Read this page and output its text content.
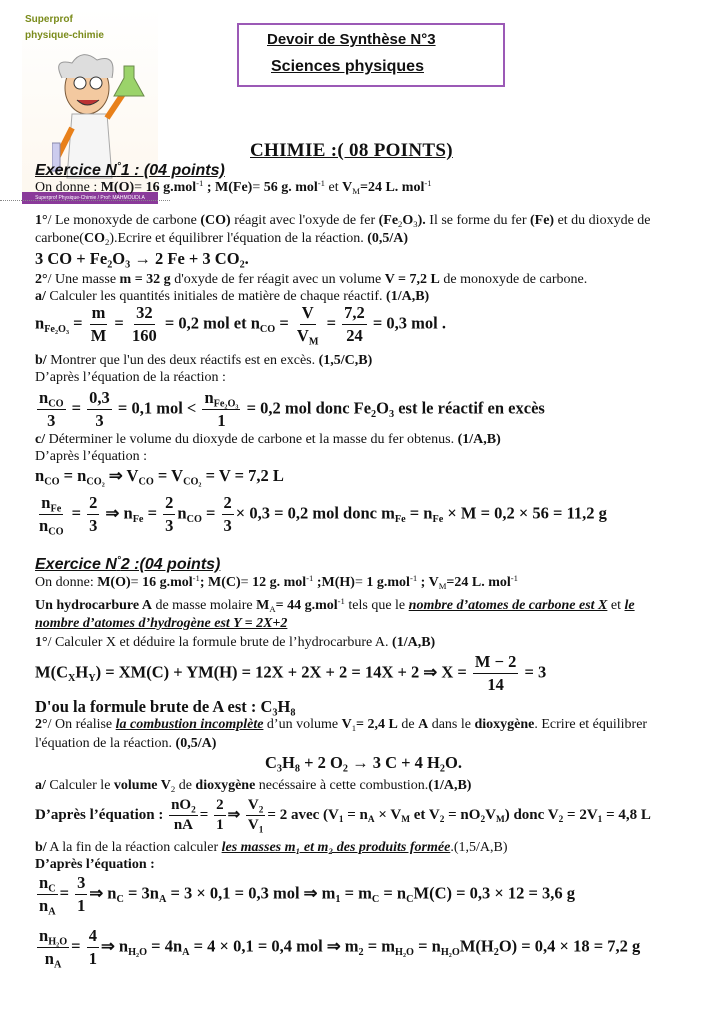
Superprof
physique-chimie
Superprof Physique-Chimie / Prof: MAHMOUDI.A
Devoir de Synthèse N°3
Sciences physiques
CHIMIE :( 08 POINTS)
Exercice N°1 : (04 points)
On donne : M(O)= 16 g.mol$^{-1}$ ; M(Fe)= 56 g. mol$^{-1}$ et $V_M=24$ L. mol$^{-1}$
1°/ Le monoxyde de carbone (CO) réagit avec l'oxyde de fer $(Fe_2O_3)$. Il se forme du fer (Fe) et du dioxyde de
$carbone(CO_2).Ecrire$ et équilibrer l'équation de la réaction. (0,5/A)
3 CO + $Fe_2O_3 \to 2$ Fe + 3 $CO_2$.
2°/ Une masse m = 32 g d'oxyde de fer réagit avec un volume V = 7,2 L de monoxyde de carbone.
a/ Calculer les quantités initiales de matière de chaque réactif. (1/A,B)
$n_{Fe_2O_3} = \frac{m}{M} = \frac{32}{160} = 0,2$ mol et $n_{CO} = \frac{V}{V_M} = \frac{7,2}{24} = 0,3$ mol .
b/ Montrer que l'un des deux réactifs est en excès. (1,5/C,B)
D’après l’équation de la réaction :
$\frac{n_{CO}}{3} = \frac{0,3}{3} = 0,1$ mol < $\frac{n_{Fe_2O_3}}{1} = 0,2$ mol donc $Fe_2O_3$ est le réactif en excès
c/ Déterminer le volume du dioxyde de carbone et la masse du fer obtenus. (1/A,B)
D’après l’équation :
$n_{CO} = n_{CO_2}$ ⇒ $V_{CO} = V_{CO_2} = V = 7,2$ L
$\frac{n_{Fe}}{n_{CO}} = \frac{2}{3}$ ⇒ $n_{Fe} = \frac{2}{3} n_{CO} = \frac{2}{3} \times 0,3 = 0,2$ mol donc $m_{Fe} = n_{Fe} \times M = 0,2 \times 56 = 11,2$ g
Exercice N°2 :(04 points)
On donne: M(O)= 16 g.mol$^{-1}$; M(C)= 12 g. mol$^{-1}$ ;M(H)= 1 g.mol$^{-1}$ ; $V_M=24$ L. mol$^{-1}$
Un hydrocarbure A de masse molaire $M_A= 44$ g.mol$^{-1}$ tels que le nombre d’atomes de carbone est X et le
nombre d’atomes d’hydrogène est Y = 2X+2
1°/ Calculer X et déduire la formule brute de l’hydrocarbure A. (1/A,B)
$M(C_XH_Y) = XM(C) + YM(H) = 12X + 2X + 2 = 14X + 2$ ⇒ $X = \frac{M - 2}{14} = 3$
D'ou la formule brute de A est : $C_3H_8$
2°/ On réalise la combustion incomplète d’un volume $V_1= 2,4$ L de A dans le dioxygène. Ecrire et équilibrer
l'équation de la réaction. (0,5/A)
$C_3H_8 + 2$ $O_2 \to 3$ C + 4 $H_2O$.
a/ Calculer le volume $V_2$ de dioxygène necéssaire à cette combustion.(1/A,B)
D’après l’équation : $\frac{nO_2}{nA} = \frac{2}{1}$ ⇒ $\frac{V_2}{V_1} = 2$ avec ($V_1 = n_A \times V_M$ et $V_2 = nO_2V_M$) donc $V_2 = 2V_1 = 4,8$ L
b/ A la fin de la réaction calculer les masses m₁ et m₂ des produits formée.(1,5/A,B)
D’après l’équation :
$\frac{n_C}{n_A} = \frac{3}{1}$ ⇒ $n_C = 3n_A = 3 \times 0,1 = 0,3$ mol ⇒ $m_1 = m_C = n_CM(C) = 0,3 \times 12 = 3,6$ g
$\frac{n_{H_2O}}{n_A} = \frac{4}{1}$ ⇒ $n_{H_2O} = 4n_A = 4 \times 0,1 = 0,4$ mol ⇒ $m_2 = m_{H_2O} = n_{H_2O}M(H_2O) = 0,4 \times 18 = 7,2$ g
